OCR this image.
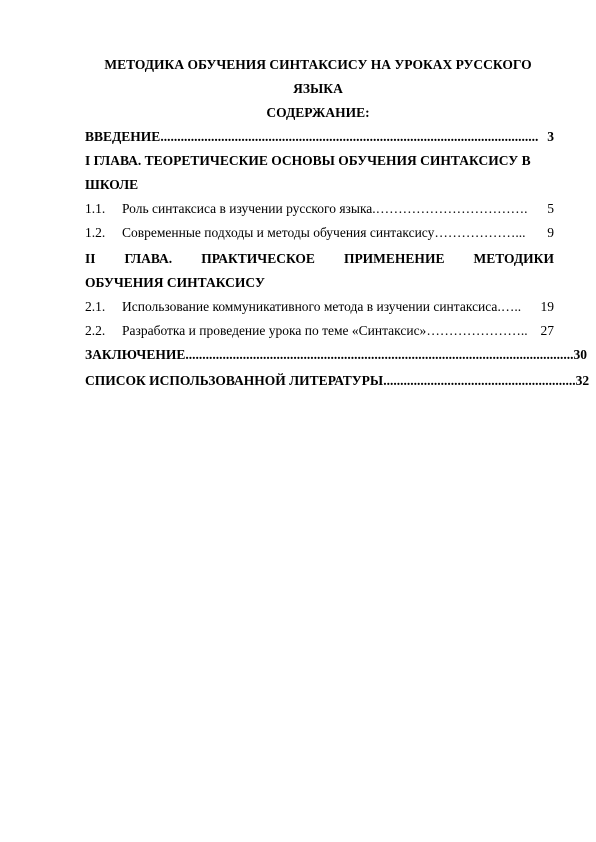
МЕТОДИКА ОБУЧЕНИЯ СИНТАКСИСУ НА УРОКАХ РУССКОГО
ЯЗЫКА
СОДЕРЖАНИЕ:
ВВЕДЕНИЕ ................................................................................................................ 3
I ГЛАВА. ТЕОРЕТИЧЕСКИЕ ОСНОВЫ ОБУЧЕНИЯ СИНТАКСИСУ В
ШКОЛЕ
1.1.	Роль синтаксиса в изучении русского языка. …………………………….	5
1.2.	Современные подходы и методы обучения синтаксису ………………...	9
II ГЛАВА. ПРАКТИЧЕСКОЕ ПРИМЕНЕНИЕ МЕТОДИКИ
ОБУЧЕНИЯ СИНТАКСИСУ
2.1.	Использование коммуникативного метода в изучении синтаксиса .…..	19
2.2.	Разработка и проведение урока по теме «Синтаксис» ………………….. 27
ЗАКЛЮЧЕНИЕ ................................................................................................................... 30
СПИСОК ИСПОЛЬЗОВАННОЙ ЛИТЕРАТУРЫ ......................................................... 32
